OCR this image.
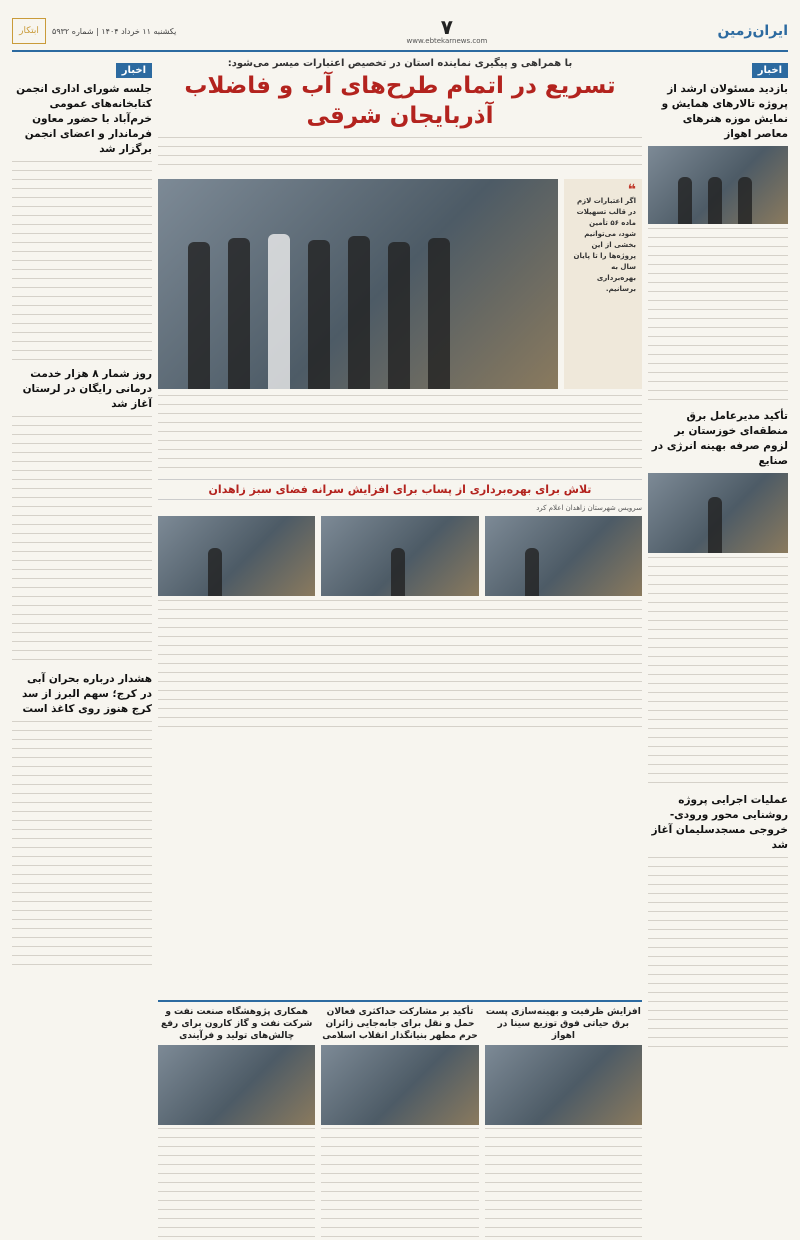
ایران‌زمین
۷
www.ebtekarnews.com
یکشنبه ۱۱ خرداد ۱۴۰۴ | شماره ۵۹۳۲
ابتکار
اخبار
بازدید مسئولان ارشد از پروژه تالارهای همایش و نمایش موزه هنرهای معاصر اهواز
تأکید مدیرعامل برق منطقه‌ای خوزستان بر لزوم صرفه بهینه انرژی در صنایع
عملیات اجرایی پروژه روشنایی محور ورودی-خروجی مسجدسلیمان آغاز شد
اخبار
جلسه شورای اداری انجمن کتابخانه‌های عمومی خرم‌آباد با حضور معاون فرماندار و اعضای انجمن برگزار شد
روز شمار ۸ هزار خدمت درمانی رایگان در لرستان آغاز شد
هشدار درباره بحران آبی در کرج؛ سهم البرز از سد کرج هنوز روی کاغذ است
با همراهی و پیگیری نماینده استان در تخصیص اعتبارات میسر می‌شود:
تسریع در اتمام طرح‌های آب و فاضلاب آذربایجان شرقی
❝
اگر اعتبارات لازم در قالب تسهیلات ماده ۵۶ تأمین شود، می‌توانیم بخشی از این پروژه‌ها را تا پایان سال به بهره‌برداری برسانیم.
تلاش برای بهره‌برداری از پساب برای افزایش سرانه فضای سبز زاهدان
سرویس شهرستان زاهدان اعلام کرد
افزایش ظرفیت و بهینه‌سازی پست برق حیاتی فوق توزیع سینا در اهواز
تأکید بر مشارکت حداکثری فعالان حمل و نقل برای جابه‌جایی زائران حرم مطهر بنیانگذار انقلاب اسلامی
همکاری پژوهشگاه صنعت نفت و شرکت نفت و گاز کارون برای رفع چالش‌های تولید و فرآیندی
